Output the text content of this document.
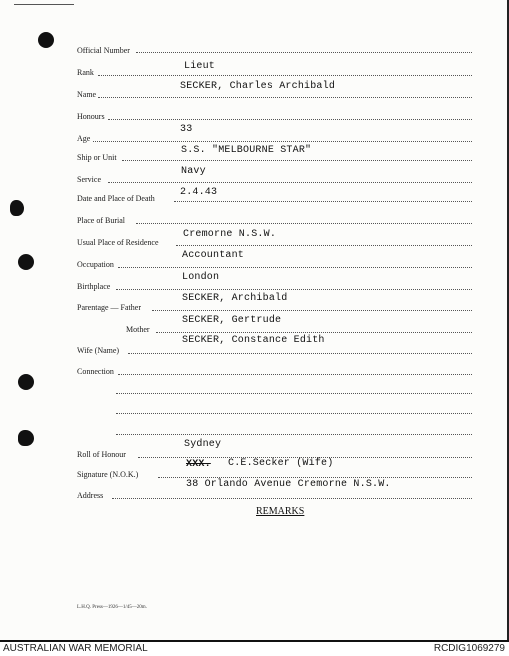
Official Number
Rank
Lieut
Name
SECKER, Charles Archibald
Honours
Age
33
Ship or Unit
S.S. "MELBOURNE STAR"
Service
Navy
Date and Place of Death
2.4.43
Place of Burial
Usual Place of Residence
Cremorne N.S.W.
Occupation
Accountant
Birthplace
London
Parentage — Father
SECKER, Archibald
Mother
SECKER, Gertrude
Wife (Name)
SECKER, Constance Edith
Connection
Roll of Honour
Sydney
Signature (N.O.K.)
XXX. C.E.Secker (Wife)
Address
38 Orlando Avenue Cremorne N.S.W.
REMARKS
L.H.Q. Press—1926—1/45—20m.
AUSTRALIAN WAR MEMORIAL	RCDIG1069279
